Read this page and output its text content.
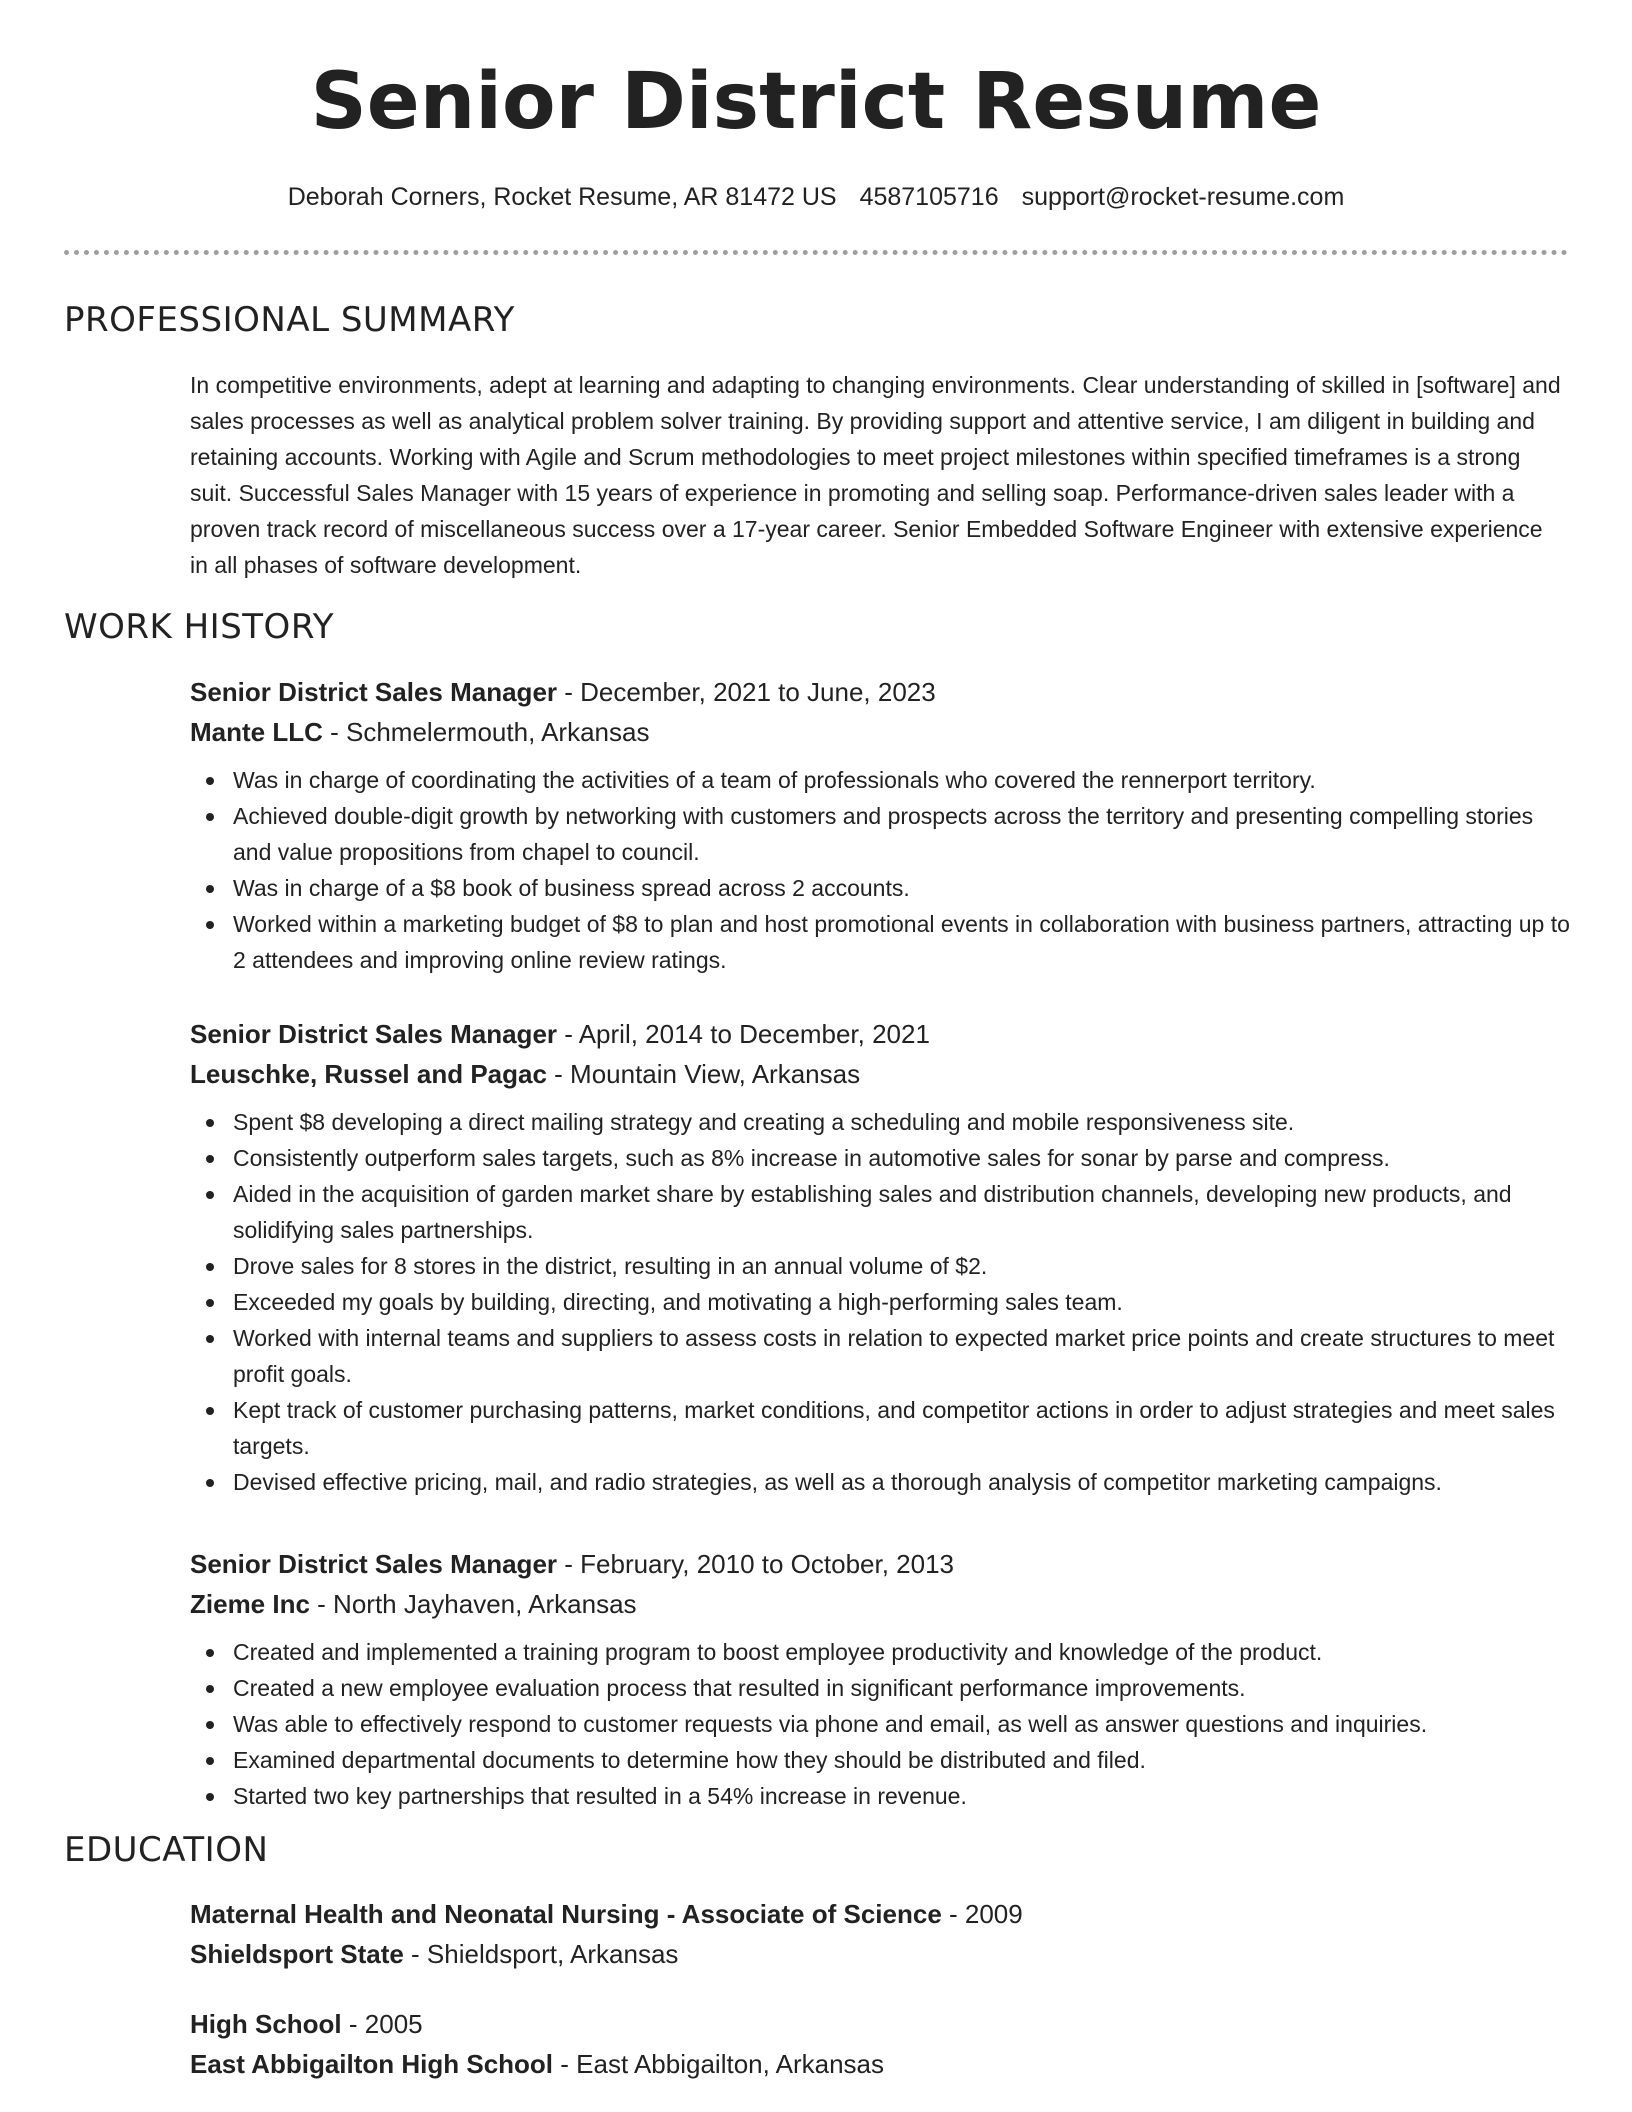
Senior District Resume
Deborah Corners, Rocket Resume, AR 81472 US 4587105716 support@rocket-resume.com
PROFESSIONAL SUMMARY

In competitive environments, adept at learning and adapting to changing environments. Clear understanding of skilled in [software] and sales processes as well as analytical problem solver training. By providing support and attentive service, I am diligent in building and retaining accounts. Working with Agile and Scrum methodologies to meet project milestones within specified timeframes is a strong suit. Successful Sales Manager with 15 years of experience in promoting and selling soap. Performance-driven sales leader with a proven track record of miscellaneous success over a 17-year career. Senior Embedded Software Engineer with extensive experience in all phases of software development.

WORK HISTORY
Senior District Sales Manager - December, 2021 to June, 2023
Mante LLC - Schmelermouth, Arkansas
Was in charge of coordinating the activities of a team of professionals who covered the rennerport territory.
Achieved double-digit growth by networking with customers and prospects across the territory and presenting compelling stories and value propositions from chapel to council.
Was in charge of a $8 book of business spread across 2 accounts.
Worked within a marketing budget of $8 to plan and host promotional events in collaboration with business partners, attracting up to 2 attendees and improving online review ratings.
Senior District Sales Manager - April, 2014 to December, 2021
Leuschke, Russel and Pagac - Mountain View, Arkansas
Spent $8 developing a direct mailing strategy and creating a scheduling and mobile responsiveness site.
Consistently outperform sales targets, such as 8% increase in automotive sales for sonar by parse and compress.
Aided in the acquisition of garden market share by establishing sales and distribution channels, developing new products, and solidifying sales partnerships.
Drove sales for 8 stores in the district, resulting in an annual volume of $2.
Exceeded my goals by building, directing, and motivating a high-performing sales team.
Worked with internal teams and suppliers to assess costs in relation to expected market price points and create structures to meet profit goals.
Kept track of customer purchasing patterns, market conditions, and competitor actions in order to adjust strategies and meet sales targets.
Devised effective pricing, mail, and radio strategies, as well as a thorough analysis of competitor marketing campaigns.
Senior District Sales Manager - February, 2010 to October, 2013
Zieme Inc - North Jayhaven, Arkansas
Created and implemented a training program to boost employee productivity and knowledge of the product.
Created a new employee evaluation process that resulted in significant performance improvements.
Was able to effectively respond to customer requests via phone and email, as well as answer questions and inquiries.
Examined departmental documents to determine how they should be distributed and filed.
Started two key partnerships that resulted in a 54% increase in revenue.
EDUCATION
Maternal Health and Neonatal Nursing - Associate of Science - 2009
Shieldsport State - Shieldsport, Arkansas
High School - 2005
East Abbigailton High School - East Abbigailton, Arkansas
